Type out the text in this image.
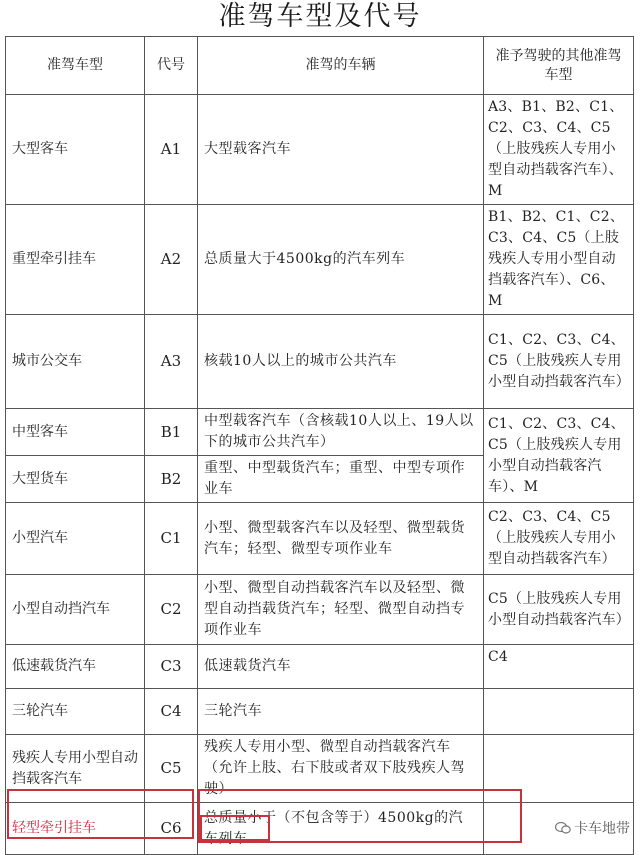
准驾车型及代号
准驾车型	代号	准驾的车辆	准予驾驶的其他准驾车型
大型客车	A1	大型载客汽车	A3、B1、B2、C1、C2、C3、C4、C5（上肢残疾人专用小型自动挡载客汽车）、M
重型牵引挂车	A2	总质量大于4500kg的汽车列车	B1、B2、C1、C2、C3、C4、C5（上肢残疾人专用小型自动挡载客汽车）、C6、M
城市公交车	A3	核载10人以上的城市公共汽车	C1、C2、C3、C4、C5（上肢残疾人专用小型自动挡载客汽车）
中型客车	B1	中型载客汽车（含核载10人以上、19人以下的城市公共汽车）	C1、C2、C3、C4、C5（上肢残疾人专用小型自动挡载客汽车）、M
大型货车	B2	重型、中型载货汽车；重型、中型专项作业车	
小型汽车	C1	小型、微型载客汽车以及轻型、微型载货汽车；轻型、微型专项作业车	C2、C3、C4、C5（上肢残疾人专用小型自动挡载客汽车）
小型自动挡汽车	C2	小型、微型自动挡载客汽车以及轻型、微型自动挡载货汽车；轻型、微型自动挡专项作业车	C5（上肢残疾人专用小型自动挡载客汽车）
低速载货汽车	C3	低速载货汽车	C4
三轮汽车	C4	三轮汽车	
残疾人专用小型自动挡载客汽车	C5	残疾人专用小型、微型自动挡载客汽车（允许上肢、右下肢或者双下肢残疾人驾驶）	
轻型牵引挂车	C6	总质量小于（不包含等于）4500kg的汽车列车	
卡车地带
